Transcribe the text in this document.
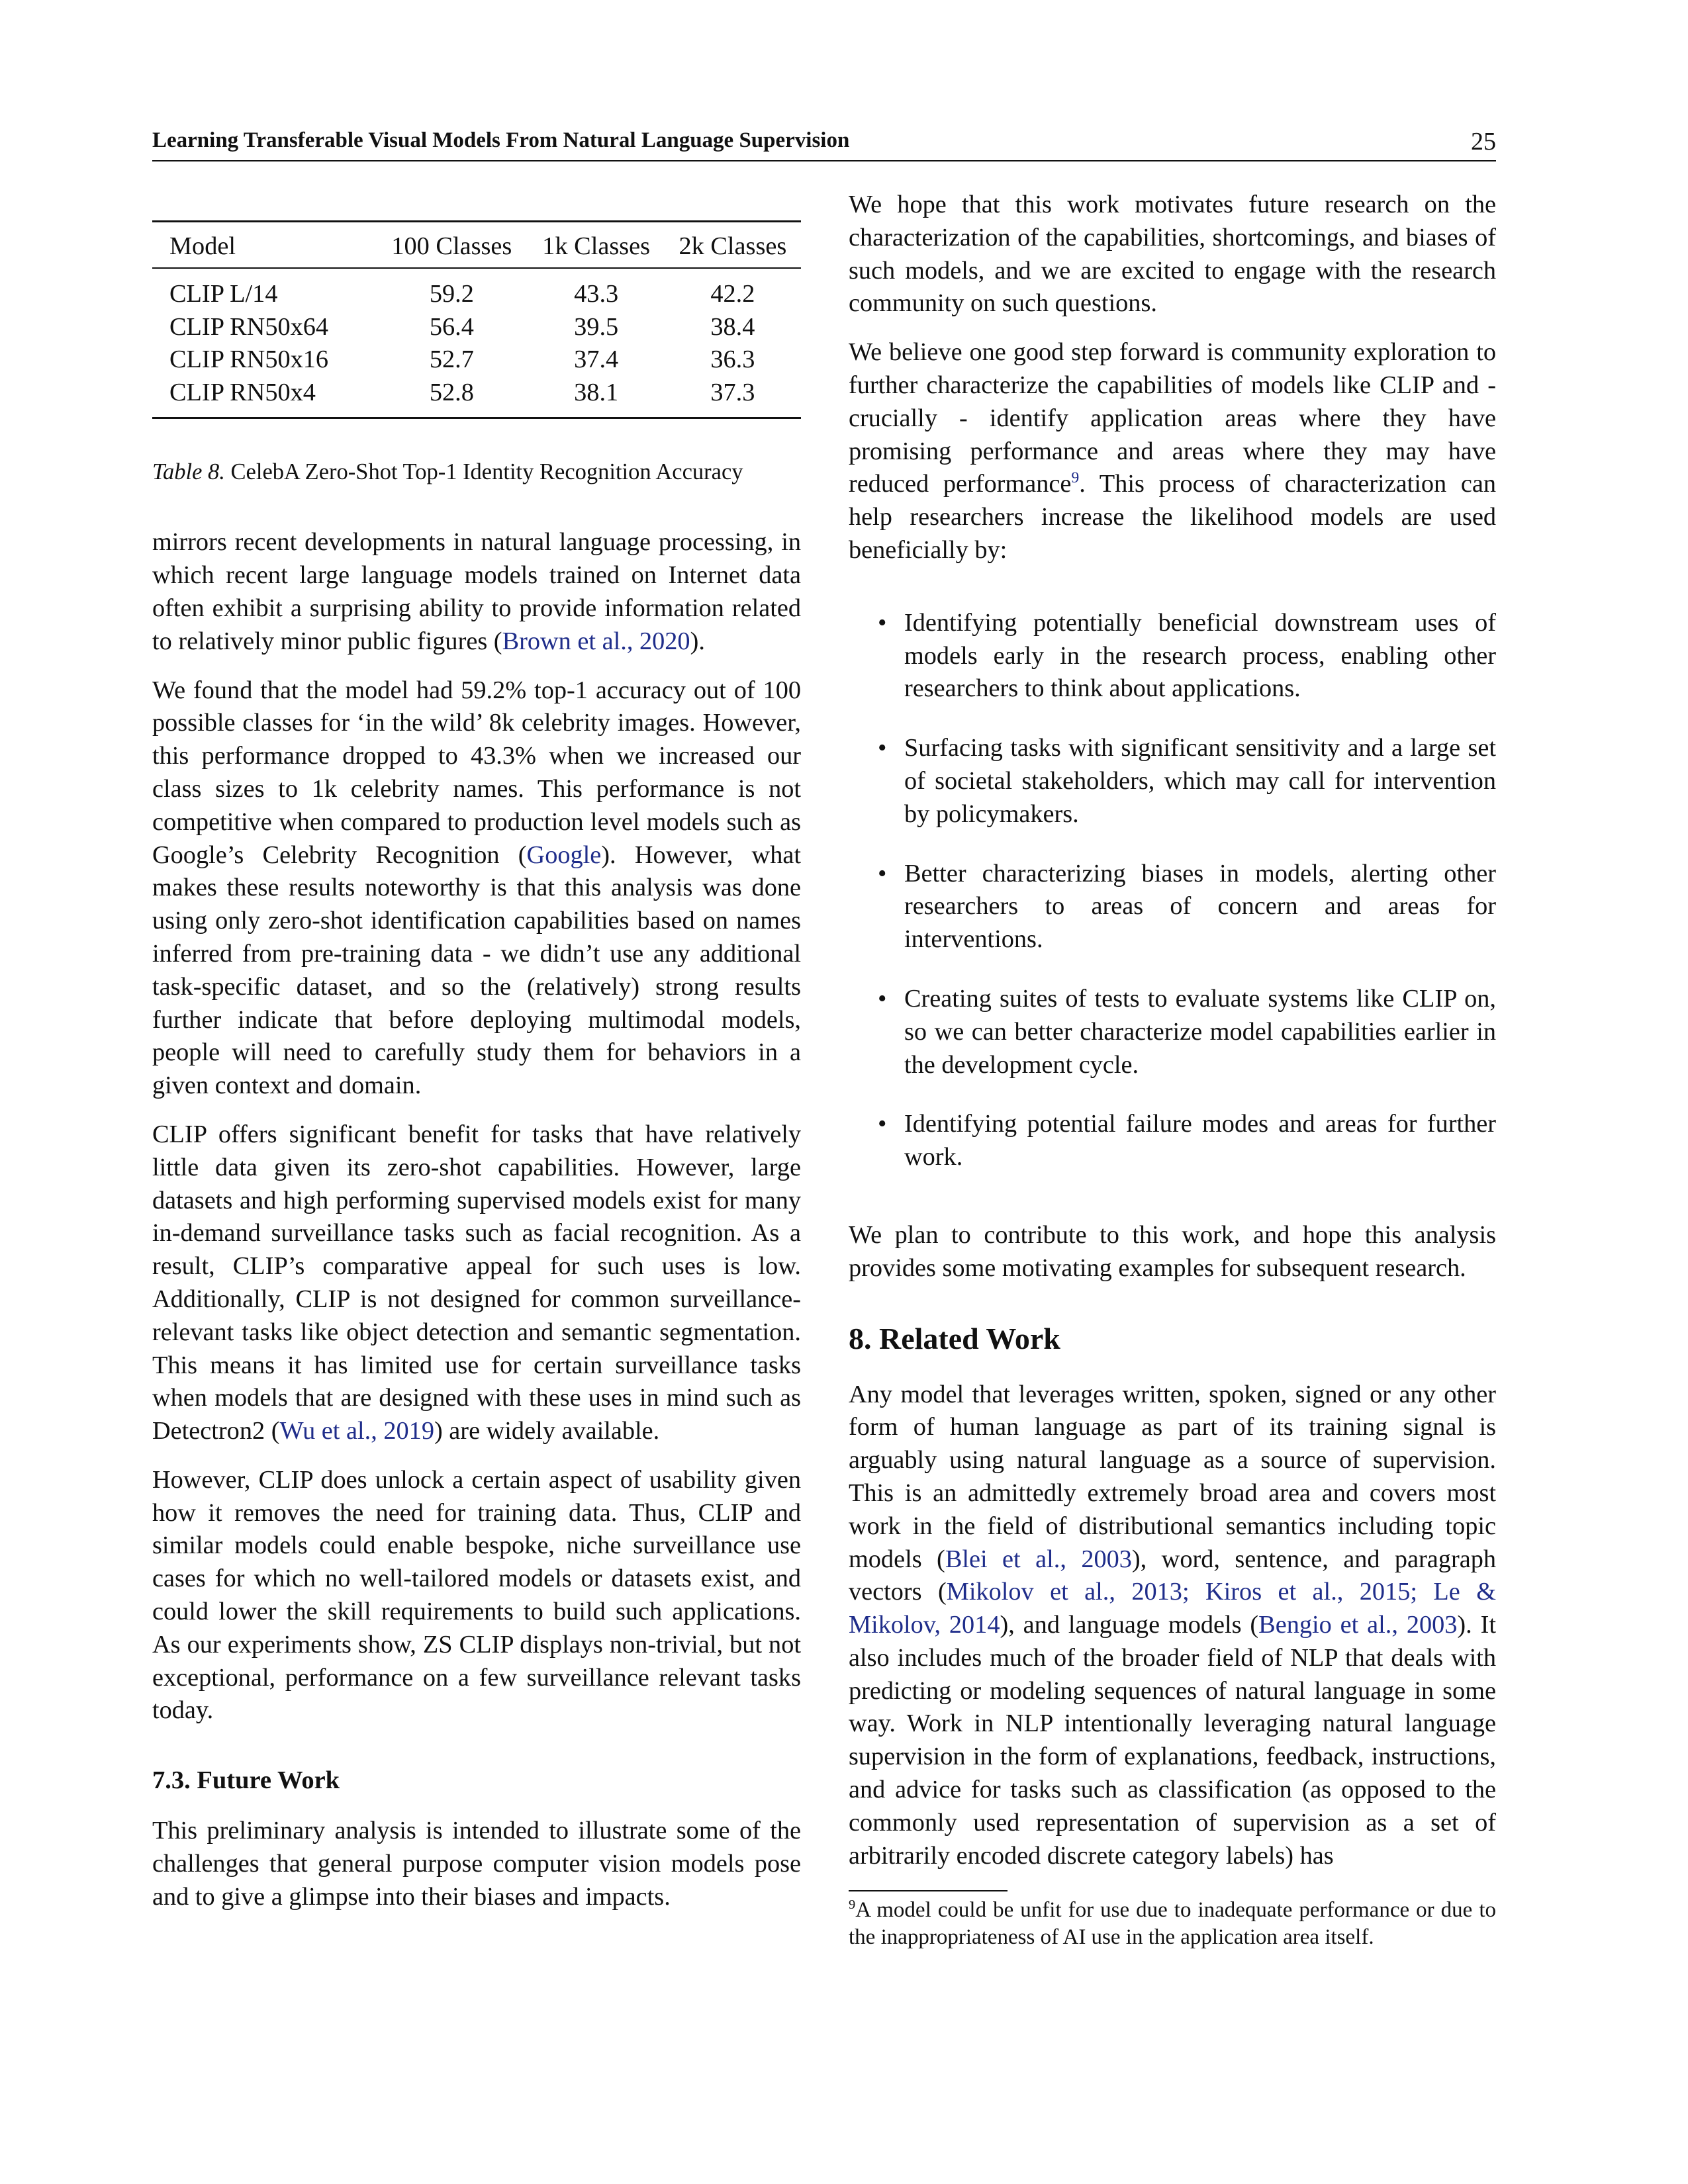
Learning Transferable Visual Models From Natural Language Supervision	25
Model	100 Classes	1k Classes	2k Classes
CLIP L/14	59.2	43.3	42.2
CLIP RN50x64	56.4	39.5	38.4
CLIP RN50x16	52.7	37.4	36.3
CLIP RN50x4	52.8	38.1	37.3
Table 8. CelebA Zero-Shot Top-1 Identity Recognition Accuracy

mirrors recent developments in natural language processing, in which recent large language models trained on Internet data often exhibit a surprising ability to provide information related to relatively minor public figures (Brown et al., 2020).

We found that the model had 59.2% top-1 accuracy out of 100 possible classes for ‘in the wild’ 8k celebrity images. However, this performance dropped to 43.3% when we increased our class sizes to 1k celebrity names. This performance is not competitive when compared to production level models such as Google’s Celebrity Recognition (Google). However, what makes these results noteworthy is that this analysis was done using only zero-shot identification capabilities based on names inferred from pre-training data - we didn’t use any additional task-specific dataset, and so the (relatively) strong results further indicate that before deploying multimodal models, people will need to carefully study them for behaviors in a given context and domain.

CLIP offers significant benefit for tasks that have relatively little data given its zero-shot capabilities. However, large datasets and high performing supervised models exist for many in-demand surveillance tasks such as facial recognition. As a result, CLIP’s comparative appeal for such uses is low. Additionally, CLIP is not designed for common surveillance-relevant tasks like object detection and semantic segmentation. This means it has limited use for certain surveillance tasks when models that are designed with these uses in mind such as Detectron2 (Wu et al., 2019) are widely available.

However, CLIP does unlock a certain aspect of usability given how it removes the need for training data. Thus, CLIP and similar models could enable bespoke, niche surveillance use cases for which no well-tailored models or datasets exist, and could lower the skill requirements to build such applications. As our experiments show, ZS CLIP displays non-trivial, but not exceptional, performance on a few surveillance relevant tasks today.

7.3. Future Work

This preliminary analysis is intended to illustrate some of the challenges that general purpose computer vision models pose and to give a glimpse into their biases and impacts.

We hope that this work motivates future research on the characterization of the capabilities, shortcomings, and biases of such models, and we are excited to engage with the research community on such questions.

We believe one good step forward is community exploration to further characterize the capabilities of models like CLIP and - crucially - identify application areas where they have promising performance and areas where they may have reduced performance$^9$. This process of characterization can help researchers increase the likelihood models are used beneficially by:

• Identifying potentially beneficial downstream uses of models early in the research process, enabling other researchers to think about applications.
• Surfacing tasks with significant sensitivity and a large set of societal stakeholders, which may call for intervention by policymakers.
• Better characterizing biases in models, alerting other researchers to areas of concern and areas for interventions.
• Creating suites of tests to evaluate systems like CLIP on, so we can better characterize model capabilities earlier in the development cycle.
• Identifying potential failure modes and areas for further work.

We plan to contribute to this work, and hope this analysis provides some motivating examples for subsequent research.

8. Related Work

Any model that leverages written, spoken, signed or any other form of human language as part of its training signal is arguably using natural language as a source of supervision. This is an admittedly extremely broad area and covers most work in the field of distributional semantics including topic models (Blei et al., 2003), word, sentence, and paragraph vectors (Mikolov et al., 2013; Kiros et al., 2015; Le & Mikolov, 2014), and language models (Bengio et al., 2003). It also includes much of the broader field of NLP that deals with predicting or modeling sequences of natural language in some way. Work in NLP intentionally leveraging natural language supervision in the form of explanations, feedback, instructions, and advice for tasks such as classification (as opposed to the commonly used representation of supervision as a set of arbitrarily encoded discrete category labels) has

$^9$A model could be unfit for use due to inadequate performance or due to the inappropriateness of AI use in the application area itself.
